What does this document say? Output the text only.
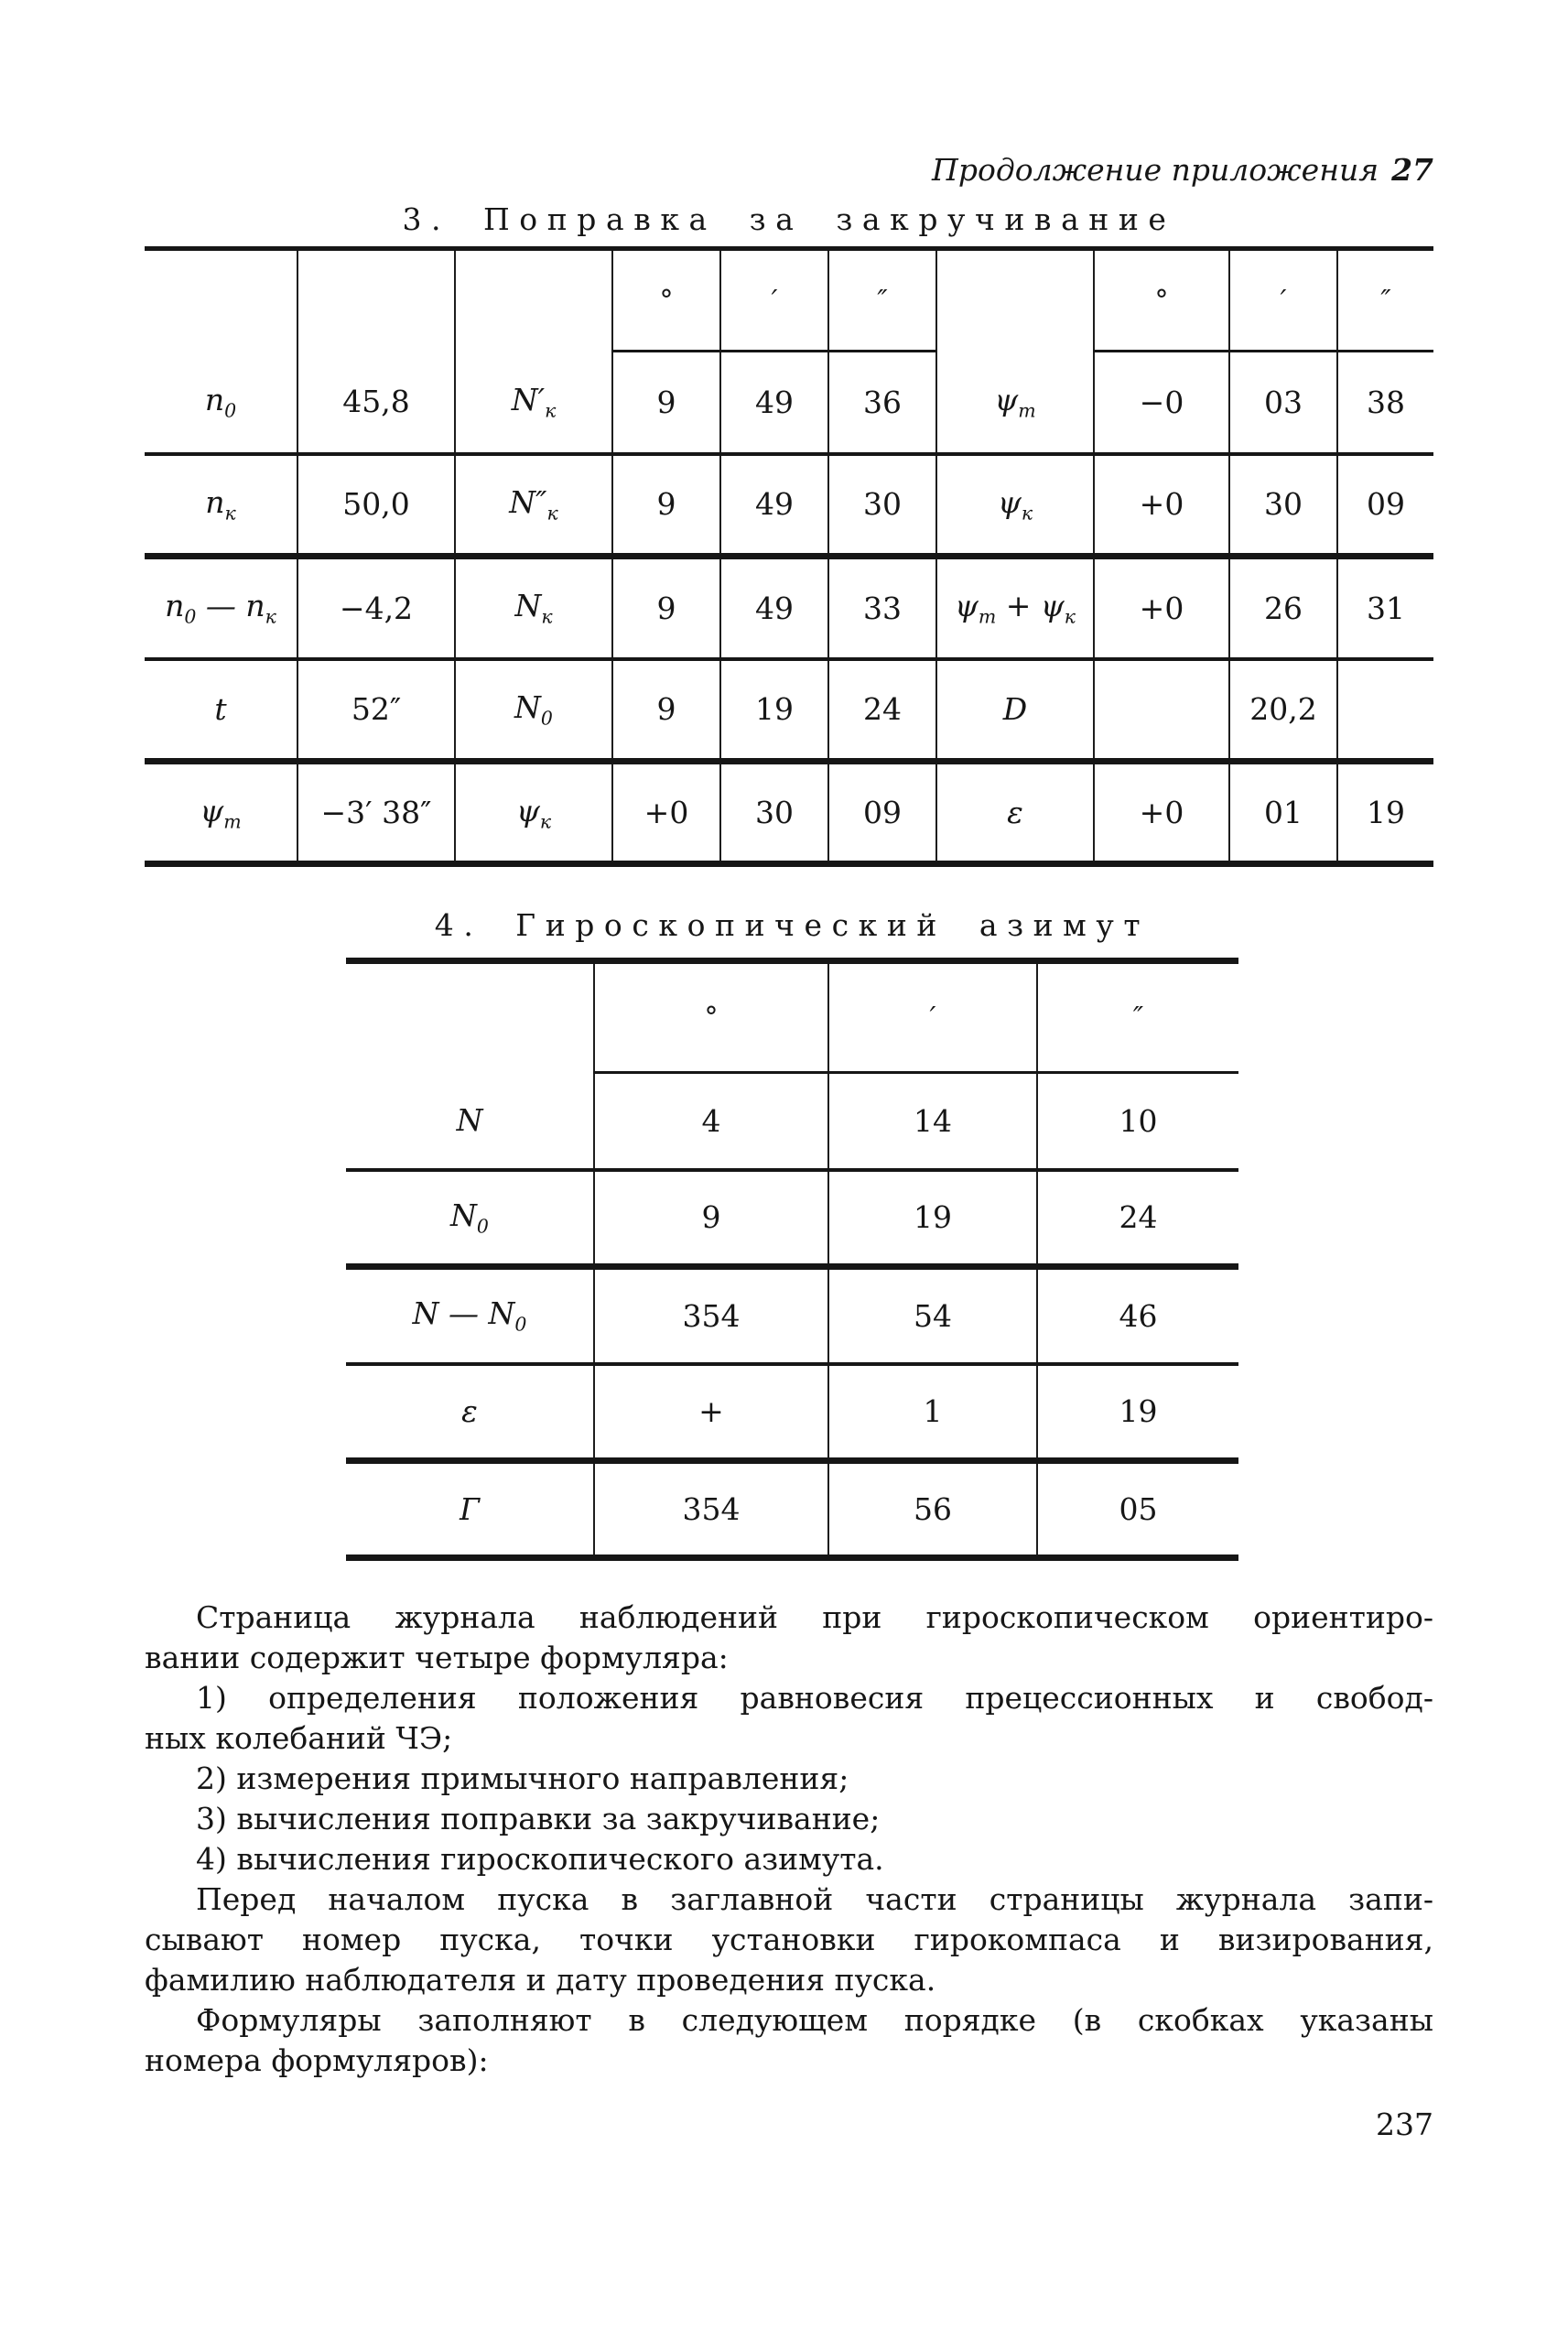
Продолжение приложения 27
3. Поправка за закручивание
			°	′	″		°	′	″
$n_0$	45,8	$N'_к$	9	49	36	$\psi_т$	−0	03	38
$n_к$	50,0	$N''_к$	9	49	30	$\psi_к$	+0	30	09
$n_0$ — $n_к$	−4,2	$N_к$	9	49	33	$\psi_т + \psi_к$	+0	26	31
t	52″	$N_0$	9	19	24	D		20,2	
$\psi_т$	−3′ 38″	$\psi_к$	+0	30	09	ε	+0	01	19
4. Гироскопический азимут
	°	′	″
N	4	14	10
$N_0$	9	19	24
N — $N_0$	354	54	46
ε	+	1	19
Г	354	56	05
Страница журнала наблюдений при гироскопическом ориентиро-
вании содержит четыре формуляра:
1) определения положения равновесия прецессионных и свобод-
ных колебаний ЧЭ;
2) измерения примычного направления;
3) вычисления поправки за закручивание;
4) вычисления гироскопического азимута.
Перед началом пуска в заглавной части страницы журнала запи-
сывают номер пуска, точки установки гирокомпаса и визирования,
фамилию наблюдателя и дату проведения пуска.
Формуляры заполняют в следующем порядке (в скобках указаны
номера формуляров):
237
